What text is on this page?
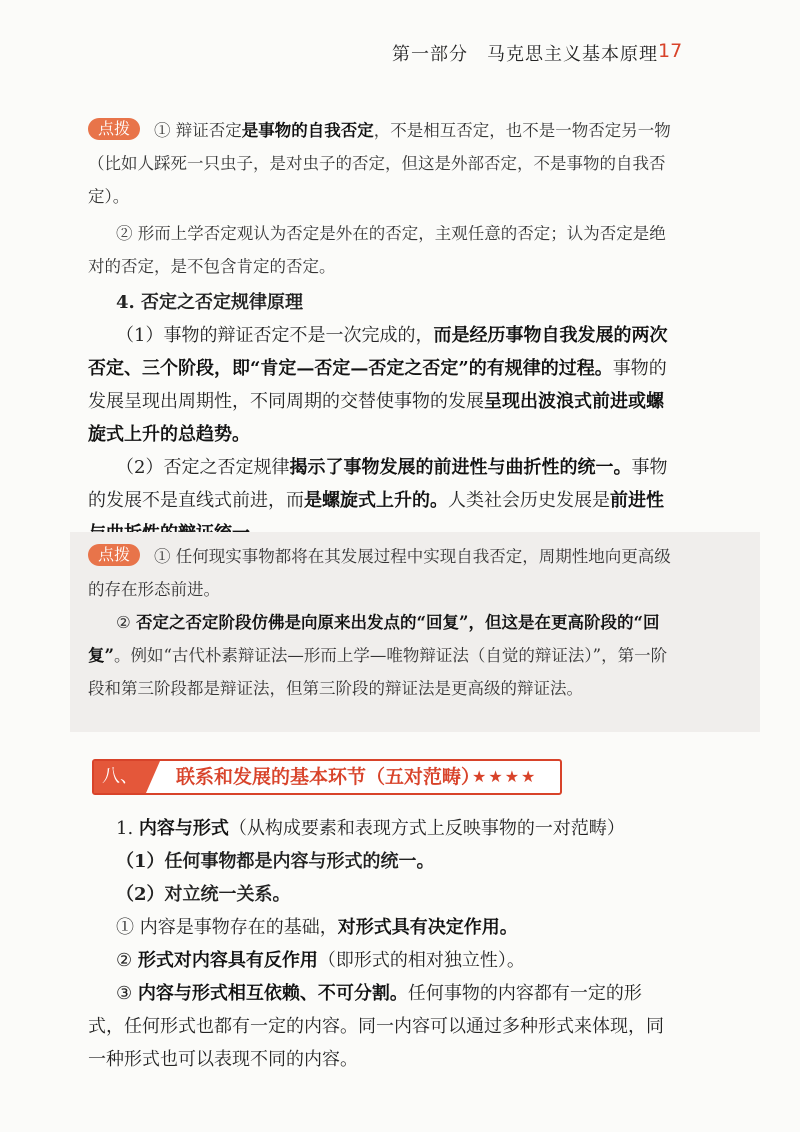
第一部分　马克思主义基本原理 17
点拨 ① 辩证否定是事物的自我否定，不是相互否定，也不是一物否定另一物（比如人踩死一只虫子，是对虫子的否定，但这是外部否定，不是事物的自我否定）。
② 形而上学否定观认为否定是外在的否定，主观任意的否定；认为否定是绝对的否定，是不包含肯定的否定。
4. 否定之否定规律原理
（1）事物的辩证否定不是一次完成的，而是经历事物自我发展的两次否定、三个阶段，即“肯定—否定—否定之否定”的有规律的过程。事物的发展呈现出周期性，不同周期的交替使事物的发展呈现出波浪式前进或螺旋式上升的总趋势。
（2）否定之否定规律揭示了事物发展的前进性与曲折性的统一。事物的发展不是直线式前进，而是螺旋式上升的。人类社会历史发展是前进性
点拨 ① 任何现实事物都将在其发展过程中实现自我否定，周期性地向更高级的存在形态前进。
② 否定之否定阶段仿佛是向原来出发点的“回复”，但这是在更高阶段的“回复”。例如“古代朴素辩证法—形而上学—唯物辩证法（自觉的辩证法）”，第一阶段和第三阶段都是辩证法，但第三阶段的辩证法是更高级的辩证法。
八、	联系和发展的基本环节（五对范畴）
★★★★
1. 内容与形式（从构成要素和表现方式上反映事物的一对范畴）
（1）任何事物都是内容与形式的统一。
（2）对立统一关系。
① 内容是事物存在的基础，对形式具有决定作用。
② 形式对内容具有反作用（即形式的相对独立性）。
③ 内容与形式相互依赖、不可分割。任何事物的内容都有一定的形式，任何形式也都有一定的内容。同一内容可以通过多种形式来体现，同一种形式也可以表现不同的内容。
